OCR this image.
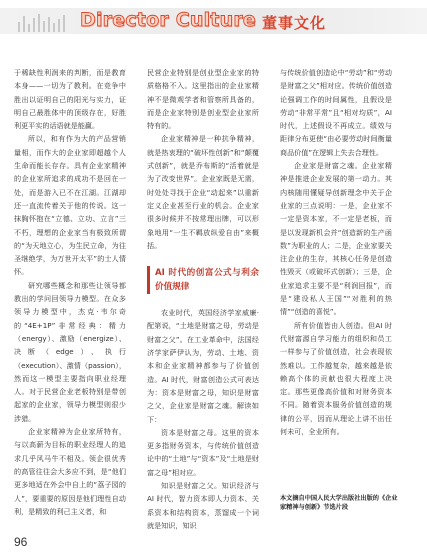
Director Culture 董事文化

于稀缺性利润来的判断，而是教育本身——一切为了教利。在竞争中胜出以证明自己的阳光与实力，证明自己最胜体中的顶级存在，好胜利更平实的话语就是能赢。

所以，和有作为大的产品营销量相，而作大的企业家即超越个人生命而能长存存。具有企业家精神的企业家所追求的成功不是回在一处，而是游入已不在江湖。江湖却还一直流传着关于他的传说。这一抹胸怀抱在“立德、立功、立言”三不朽，理想的企业家当有极致所谓的“为天地立心，为生民立命，为往圣继绝学，为万世开太平”的士人情怀。

研究哪些概念和那些让领导都教出的学问回领导力模型。在众多领导力模型中，杰克·韦尔奇的“4E+1P”非常经典：精力（energy）、激励（energize）、决断（edge）、执行（execution）、激情（passion），然而这一模型主要指向职业经理人。对于民营企业老板特别是带创起家的企业家，领导力模型则很少涉猎。

企业家精神为企业家所特有，与以高薪为目标的职业经理人的追求几乎风马牛不相及。领企很优秀的高管往往会大多应不到，是“他们更多地适在外会中自上的“荔子园的人”，要重要的原因是他们理性自动利，是精致的利己主义者，和

民营企业特别是创业型企业家的特质格格不入。这里指出的企业家精神不是微观学者和管察所具备的，而是企业家特别是创业型企业家所特有的。

企业家精神是一种抗争精神，就是热衷理的“破坏性创新”和“颠覆式创新”，就是乔布斯的“活着就是为了改变世界”。企业家既是无需，时处处寻找于企业“动起来”以重新定义企业甚至行业的机会。企业家很多时候并不按常理出牌，可以形象地用“一生不羁放纵爱自由”来概括。

AI 时代的创富公式与利余价值规律

农业时代，英国经济学家威廉·配第说，“土地是财富之母，劳动是财富之父”。在工业革命中，法国经济学家萨伊认为，劳动、土地、资本和企业家精神都参与了价值创造。AI 时代，财富创造公式可表达为：资本是财富之母，知识是财富之父，企业家是财富之魂。解读如下：

资本是财富之母。这里的资本更多指财务资本，与传统价值创造论中的“土地”与“资本”及“土地是财富之母”相对应。

知识是财富之父。知识经济与 AI 时代，智力资本即人力资本、关系资本和结构资本，蒸馏成一个词就是知识，知识

与传统价值创造论中“劳动”和“劳动是财富之父”相对应。传统价值创造论强调工作的时间属性，且假设是劳动“非常平常”且“相对均质”，AI 时代，上述假设不再成立。绩效与距律分布更使“由必要劳动时间衡量商品价值”在逻辑上失去合理性。

企业家是财富之魂。企业家精神是推进企业发展的第一动力。其内核随用懂疑导创新理念中关于企业家的三点说明：一是，企业家不一定是资本家，不一定是老板，而是以发现新机会并“创造新的生产函数”为职业的人；二是，企业家要关注企业的生存，其核心任务是创造性毁灭（或破坏式创新）；三是，企业家追求主要不是“利润回报”，而是“建设私人王国”“对胜利的热情”“创造的喜悦”。

所有价值皆由人创造。但AI 时代财富源自学习能力的组织和员工一样参与了价值创造，社会表现依然难以。工作越复杂，越来越是依赖高个体的贡献也很大程度上决定。那些更像高价值和对财务资本不同。随着资本服务价值创造的规律的公平，因而从理论上讲不出任何未可，全业所有。

本文摘自中国人民大学出版社出版的《企业家精神与创新》节选片段
96
